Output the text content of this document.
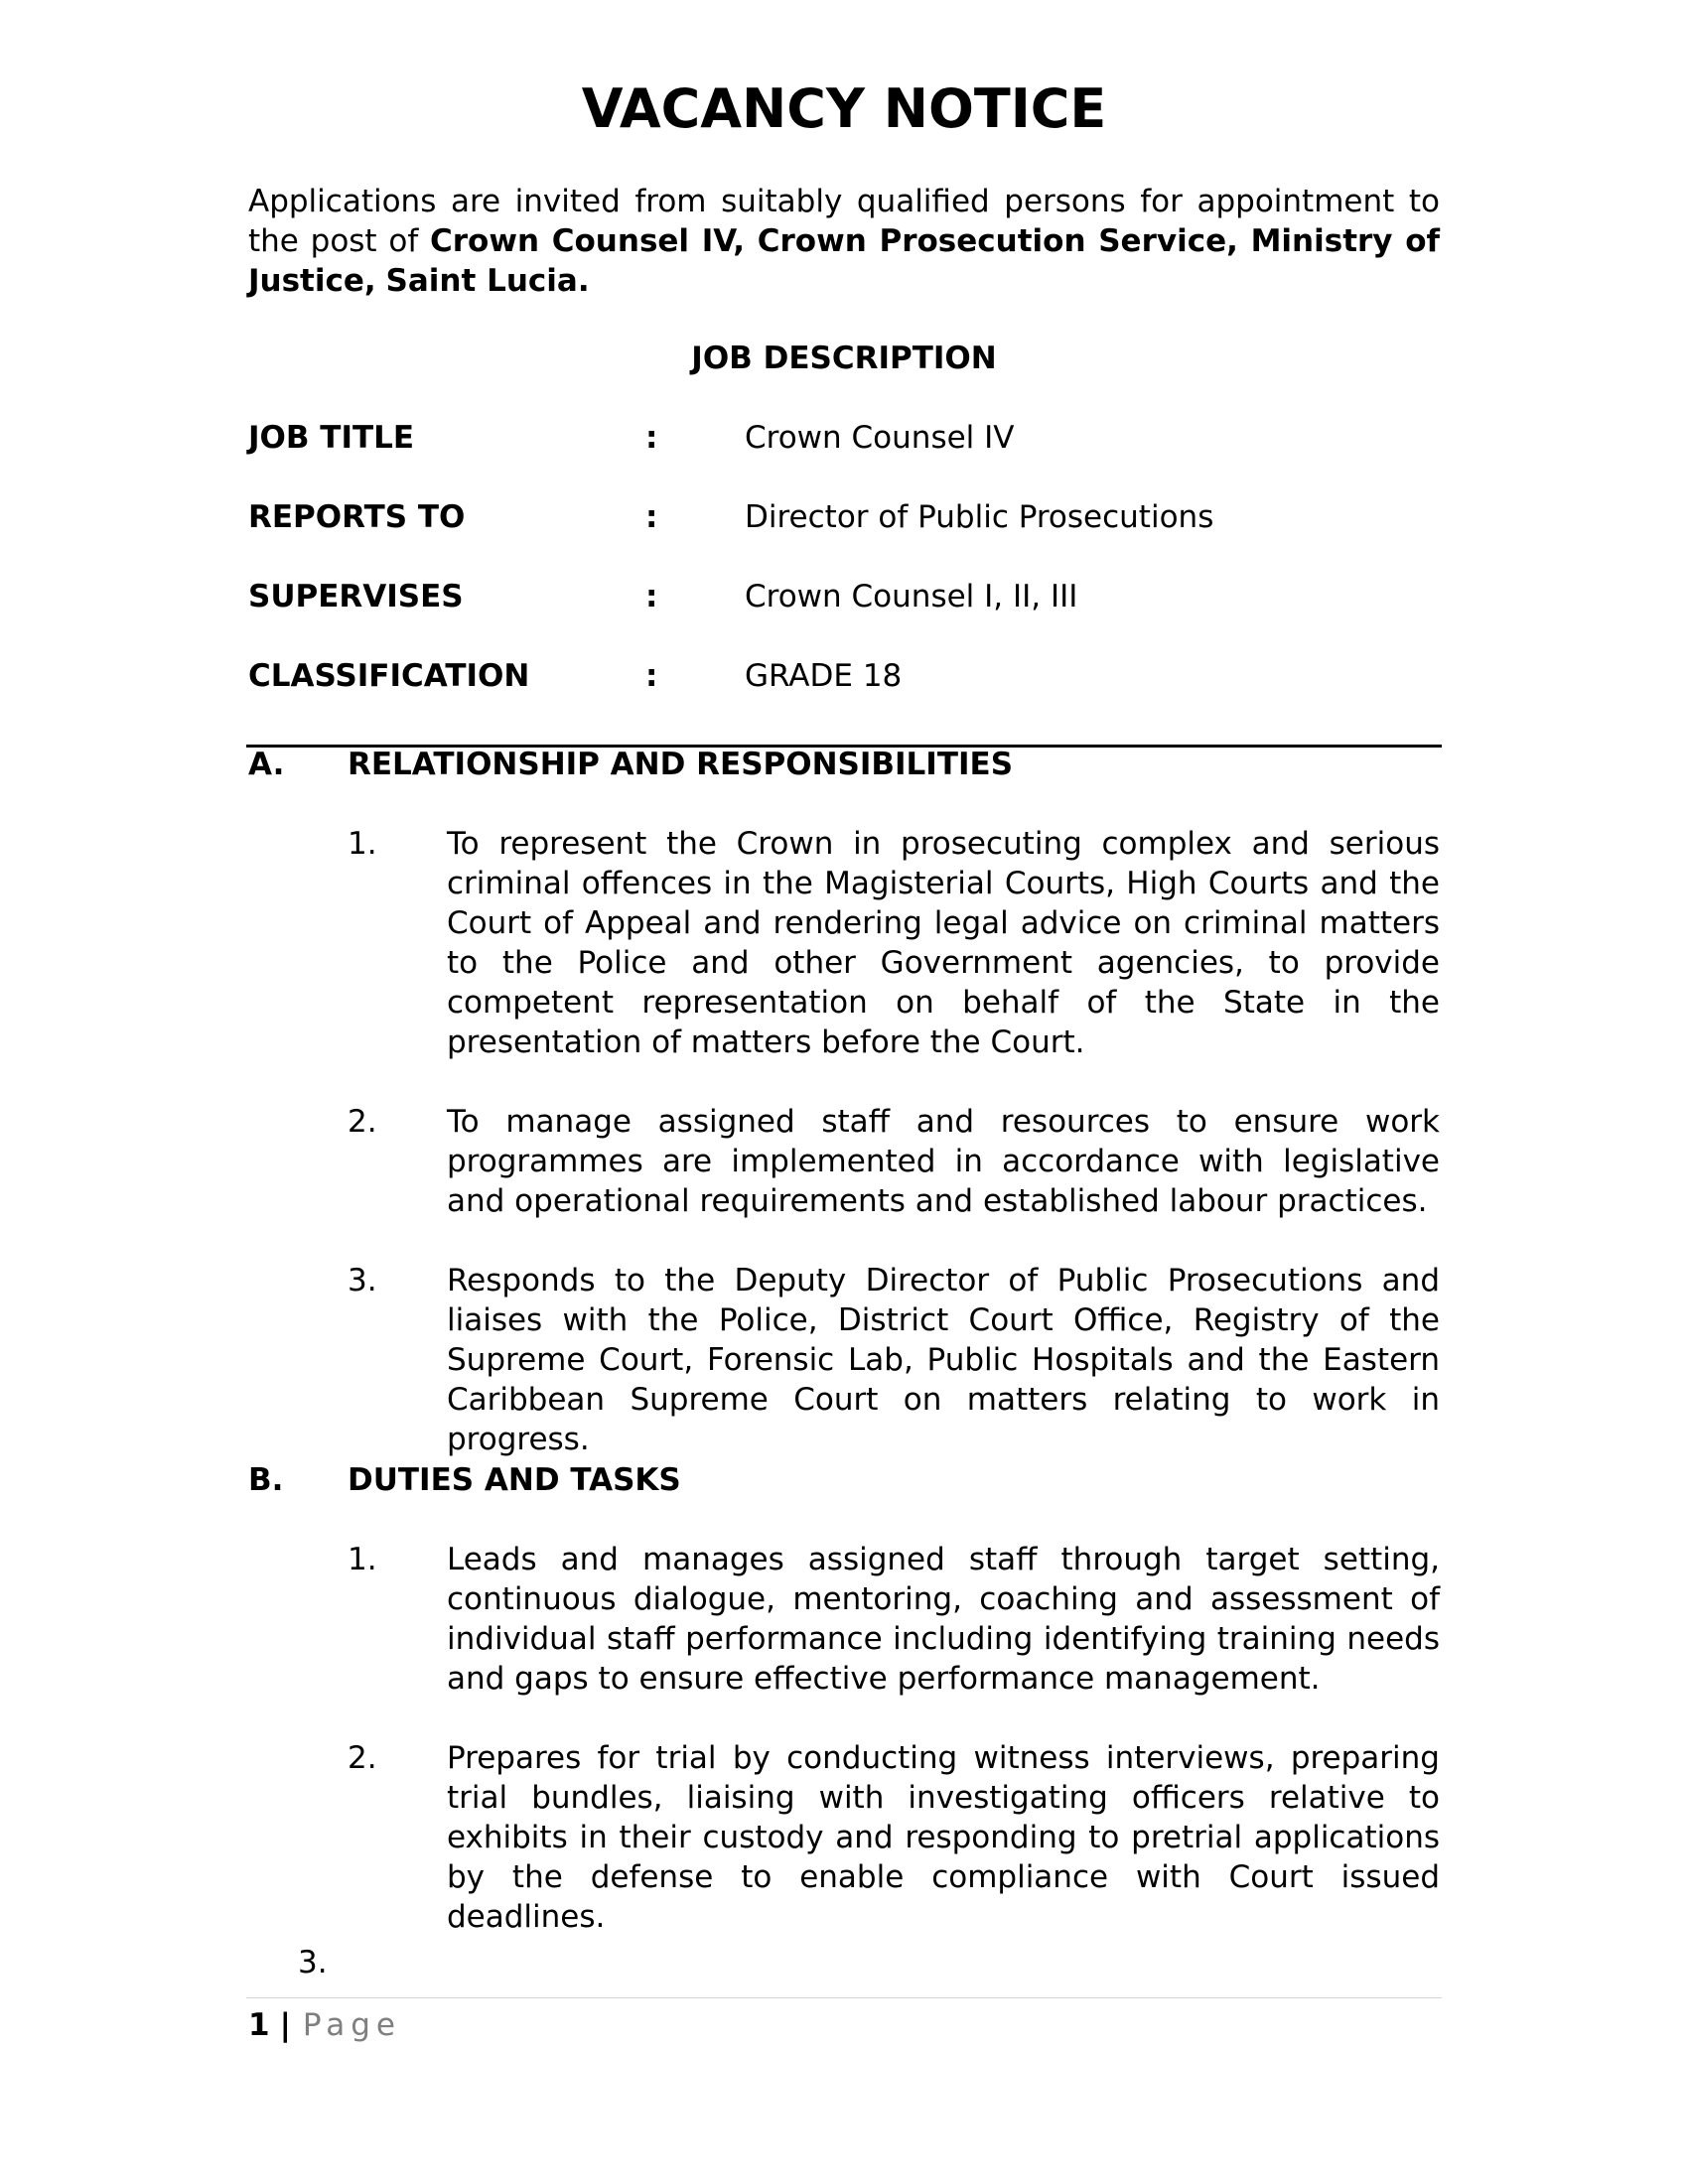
VACANCY NOTICE
Applications are invited from suitably qualified persons for appointment to the post of Crown Counsel IV, Crown Prosecution Service, Ministry of Justice, Saint Lucia.
JOB DESCRIPTION
JOB TITLE	:	Crown Counsel IV
REPORTS TO	:	Director of Public Prosecutions
SUPERVISES	:	Crown Counsel I, II, III
CLASSIFICATION	:	GRADE 18
A. RELATIONSHIP AND RESPONSIBILITIES
1. To represent the Crown in prosecuting complex and serious criminal offences in the Magisterial Courts, High Courts and the Court of Appeal and rendering legal advice on criminal matters to the Police and other Government agencies, to provide competent representation on behalf of the State in the presentation of matters before the Court.
2. To manage assigned staff and resources to ensure work programmes are implemented in accordance with legislative and operational requirements and established labour practices.
3. Responds to the Deputy Director of Public Prosecutions and liaises with the Police, District Court Office, Registry of the Supreme Court, Forensic Lab, Public Hospitals and the Eastern Caribbean Supreme Court on matters relating to work in progress.
B. DUTIES AND TASKS
1. Leads and manages assigned staff through target setting, continuous dialogue, mentoring, coaching and assessment of individual staff performance including identifying training needs and gaps to ensure effective performance management.
2. Prepares for trial by conducting witness interviews, preparing trial bundles, liaising with investigating officers relative to exhibits in their custody and responding to pretrial applications by the defense to enable compliance with Court issued deadlines.
3.
1 | Page
